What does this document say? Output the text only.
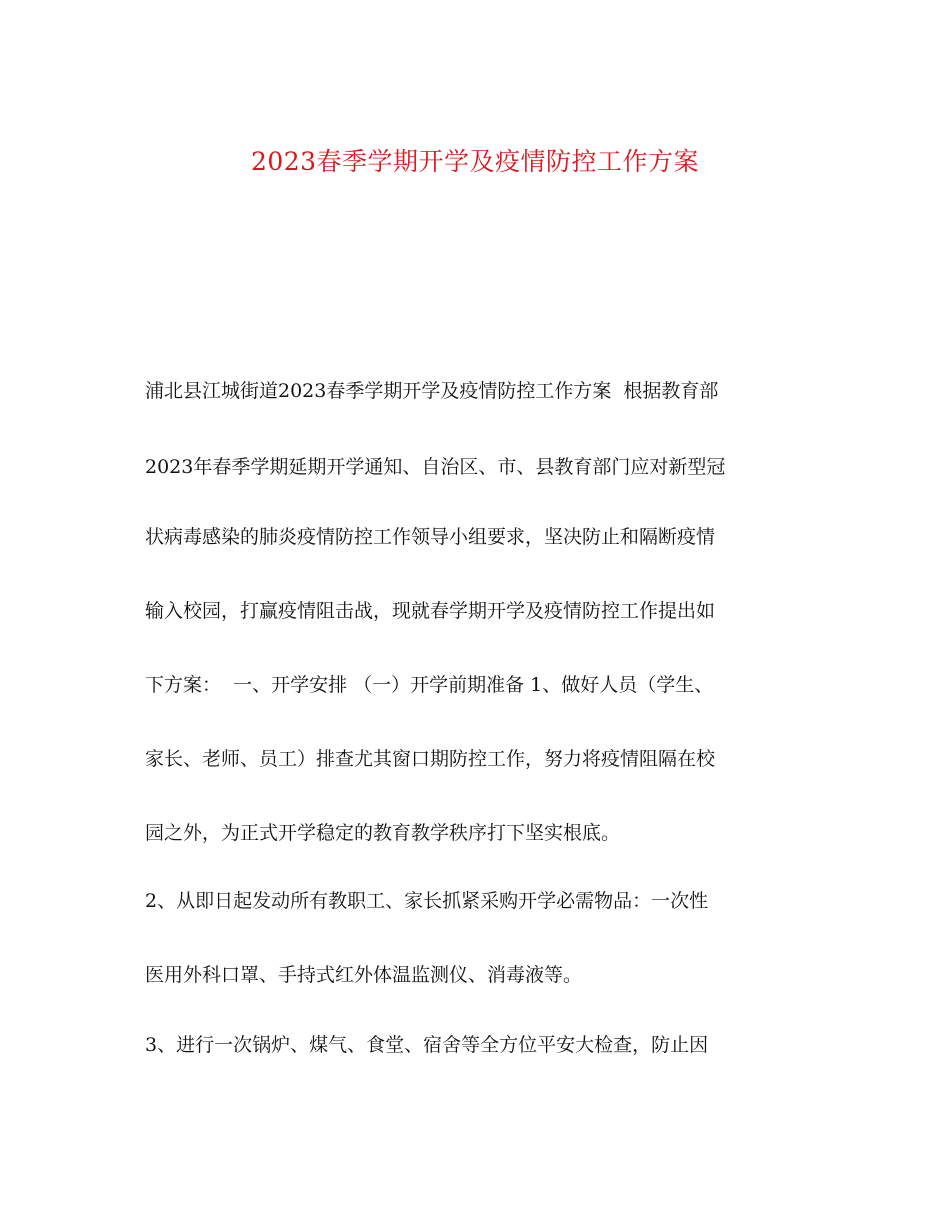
2023春季学期开学及疫情防控工作方案
浦北县江城街道2023春季学期开学及疫情防控工作方案  根据教育部
2023年春季学期延期开学通知、自治区、市、县教育部门应对新型冠
状病毒感染的肺炎疫情防控工作领导小组要求，坚决防止和隔断疫情
输入校园，打赢疫情阻击战，现就春学期开学及疫情防控工作提出如
下方案：  一、开学安排 （一）开学前期准备 1、做好人员（学生、
家长、老师、员工）排查尤其窗口期防控工作，努力将疫情阻隔在校
园之外，为正式开学稳定的教育教学秩序打下坚实根底。
2、从即日起发动所有教职工、家长抓紧采购开学必需物品：一次性
医用外科口罩、手持式红外体温监测仪、消毒液等。
3、进行一次锅炉、煤气、食堂、宿舍等全方位平安大检查，防止因
